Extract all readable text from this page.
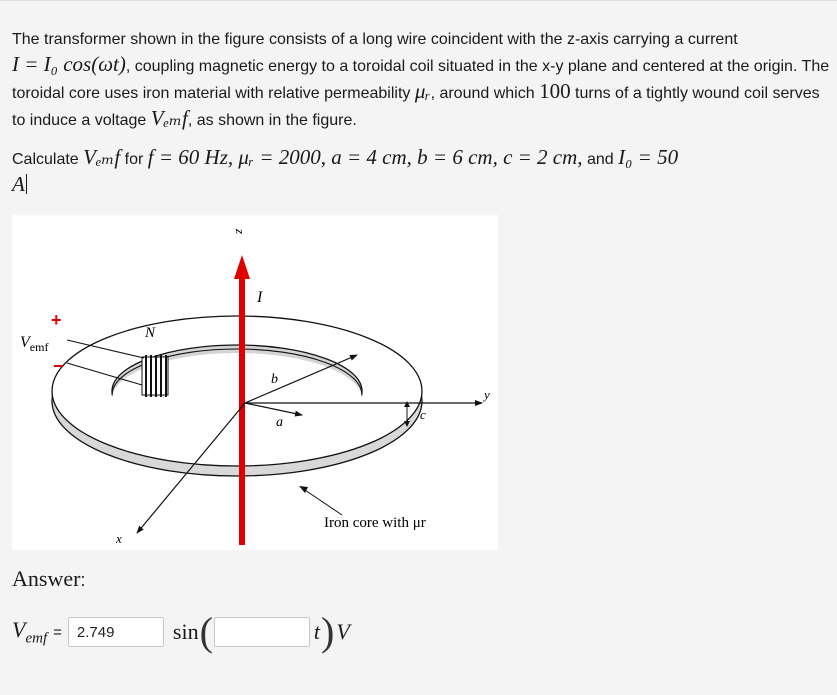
The transformer shown in the figure consists of a long wire coincident with the z-axis carrying a current
I = I₀ cos(ωt), coupling magnetic energy to a toroidal coil situated in the x-y plane and centered at the origin. The toroidal core uses iron material with relative permeability μᵣ, around which 100 turns of a tightly wound coil serves to induce a voltage Vₑₘf, as shown in the figure.

Calculate Vₑₘf for f = 60 Hz, μᵣ = 2000, a = 4 cm, b = 6 cm, c = 2 cm, and I₀ = 50
A

z
I
N
+
−
$V_{emf}$
b
a
c
y
x
Iron core with μr
Answer:
$V_{emf}$ =
2.749	sin (	t ) V
